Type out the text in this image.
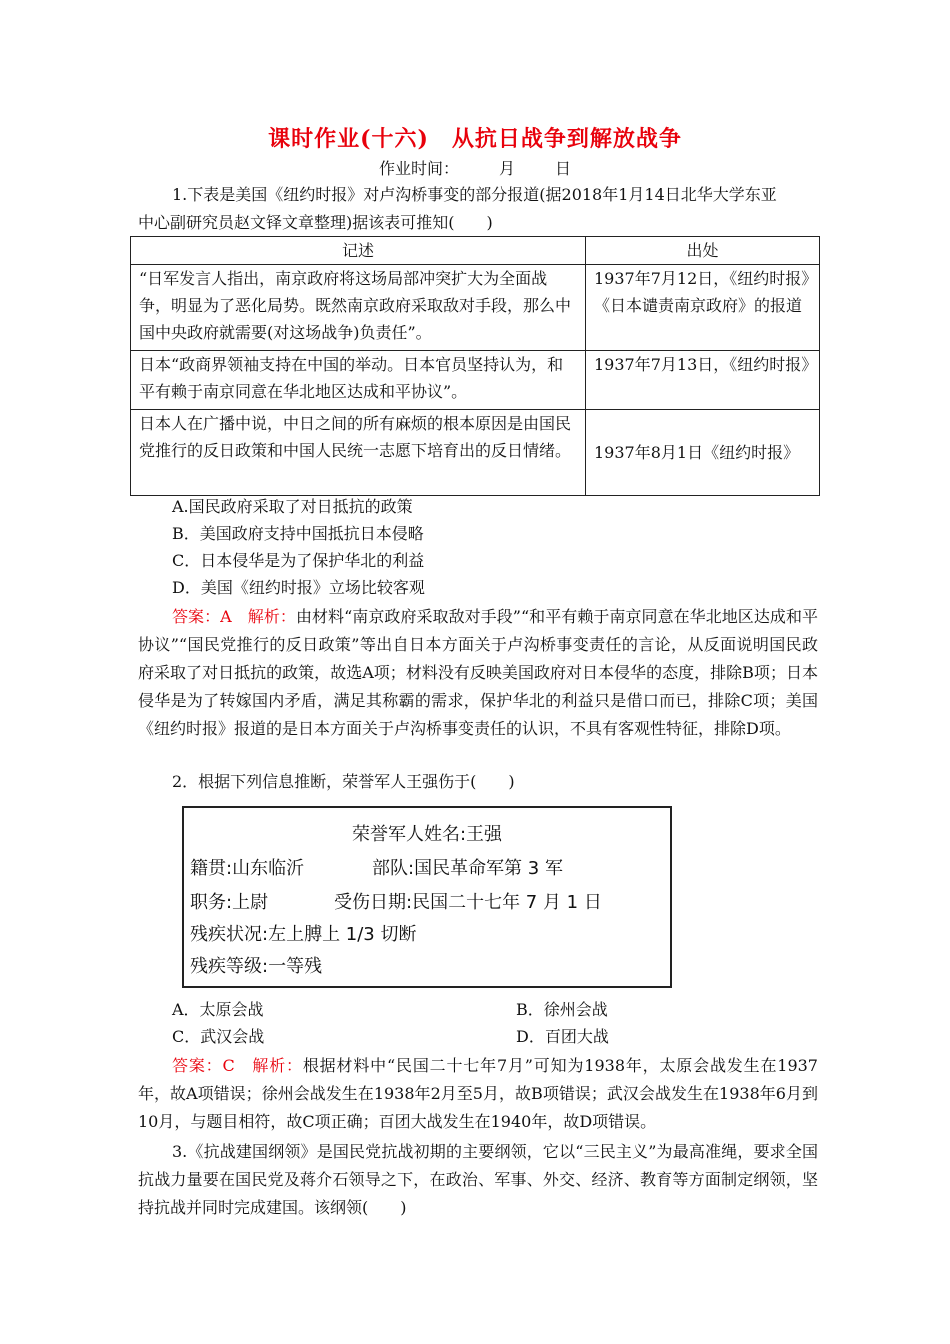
课时作业(十六)　从抗日战争到解放战争
作业时间：	月	日

1.下表是美国《纽约时报》对卢沟桥事变的部分报道(据2018年1月14日北华大学东亚
中心副研究员赵文铎文章整理)据该表可推知(　　)

记述	出处
“日军发言人指出，南京政府将这场局部冲突扩大为全面战争，明显为了恶化局势。既然南京政府采取敌对手段，那么中国中央政府就需要(对这场战争)负责任”。	1937年7月12日，《纽约时报》《日本谴责南京政府》的报道
日本“政商界领袖支持在中国的举动。日本官员坚持认为，和平有赖于南京同意在华北地区达成和平协议”。	1937年7月13日，《纽约时报》
日本人在广播中说，中日之间的所有麻烦的根本原因是由国民党推行的反日政策和中国人民统一志愿下培育出的反日情绪。	1937年8月1日《纽约时报》
A.国民政府采取了对日抵抗的政策
B．美国政府支持中国抵抗日本侵略
C．日本侵华是为了保护华北的利益
D．美国《纽约时报》立场比较客观

答案：A　解析：由材料“南京政府采取敌对手段”“和平有赖于南京同意在华北地区达成和平协议”“国民党推行的反日政策”等出自日本方面关于卢沟桥事变责任的言论，从反面说明国民政府采取了对日抵抗的政策，故选A项；材料没有反映美国政府对日本侵华的态度，排除B项；日本侵华是为了转嫁国内矛盾，满足其称霸的需求，保护华北的利益只是借口而已，排除C项；美国《纽约时报》报道的是日本方面关于卢沟桥事变责任的认识，不具有客观性特征，排除D项。

2．根据下列信息推断，荣誉军人王强伤于(　　)

荣誉军人姓名:王强
籍贯:山东临沂	部队:国民革命军第 3 军
职务:上尉	受伤日期:民国二十七年 7 月 1 日
残疾状况:左上膊上 1/3 切断
残疾等级:一等残
A．太原会战	B．徐州会战
C．武汉会战	D．百团大战

答案：C　解析：根据材料中“民国二十七年7月”可知为1938年，太原会战发生在1937年，故A项错误；徐州会战发生在1938年2月至5月，故B项错误；武汉会战发生在1938年6月到10月，与题目相符，故C项正确；百团大战发生在1940年，故D项错误。

3.《抗战建国纲领》是国民党抗战初期的主要纲领，它以“三民主义”为最高准绳，要求全国抗战力量要在国民党及蒋介石领导之下，在政治、军事、外交、经济、教育等方面制定纲领，坚持抗战并同时完成建国。该纲领(　　)
